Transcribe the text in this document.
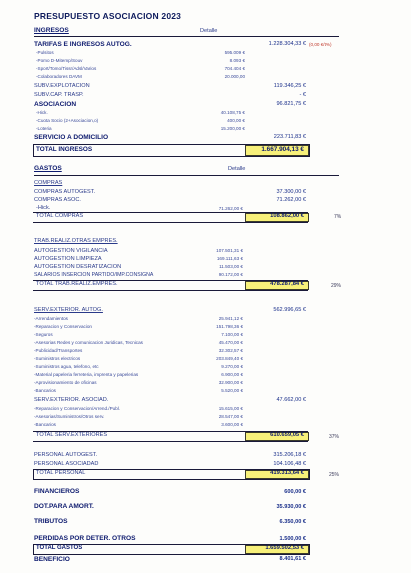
PRESUPUESTO ASOCIACION 2023
INGRESOS	Detalle
TARIFAS E INGRESOS AUTOG.	1.228.304,33 € (0,00 €/t%)
-Pulsitos	595.009 €
-Pomo D-Mitemp/Souv	8.093 €
-Sport/Tomo/Tissr/Adsl/Varios	704.404 €
-Colaboradores DAVM	20.000,00
SUBV.EXPLOTACION	119.346,25 €
SUBV.CAP. TRASP.	- €
ASOCIACION	96.821,75 €
-Hick.	40.108,75 €
-Cuota Socio (2+Asociacion,o)	400,00 €
-Loteria	15.200,00 €
SERVICIO A DOMICILIO	223.711,83 €
TOTAL INGRESOS	1.667.904,13 €
GASTOS	Detalle
COMPRAS
COMPRAS AUTOGEST.	37.300,00 €
COMPRAS ASOC.	71.262,00 €
-Hick.	71.262,00 €
TOTAL COMPRAS	108.862,00 €	7%
TRAB.REALIZ.OTRAS EMPRES.
AUTOGESTION VIGILANCIA	107.501,31 €
AUTOGESTION LIMPIEZA	169.111,63 €
AUTOGESTION DESRATIZACION	11.503,00 €
SALARIOS INSERCION PARTIDO/IMP.CONSIGNA	90.172,00 €
TOTAL TRAB.REALIZ.EMPRES.	478.287,84 €	29%
SERV.EXTERIOR. AUTOG.	562.996,65 €
-Arrendamientos	25.941,12 €
-Reparacion y Conservacion	151.798,36 €
-Seguros	7.100,00 €
-Asesorias Redes y comunicacion Juridicas, Tecnicas	45.470,00 €
-Publicidad/Transportes	32.302,57 €
-Suministros electricos	203.849,40 €
-Suministros agua, telefono, etc	9.270,00 €
-Material papeleria ferreteria, imprenta y papelerias	6.900,00 €
-Aprovisionamiento de oficinas	32.900,00 €
-Bancarios	5.520,00 €
SERV.EXTERIOR. ASOCIAD.	47.662,00 €
-Reparacion y Conservacion/Arrend./Publ.	15.615,00 €
-Asesorias/Suministros/Otros serv.	28.547,00 €
-Bancarios	3.600,00 €
TOTAL SERV.EXTERIORES	610.659,05 €	37%
PERSONAL AUTOGEST.	315.206,18 €
PERSONAL ASOCIADAD	104.106,48 €
TOTAL PERSONAL	419.313,64 €	25%
FINANCIEROS	600,00 €
DOT.PARA AMORT.	35.930,00 €
TRIBUTOS	6.350,00 €
PERDIDAS POR DETER. OTROS	1.500,00 €
TOTAL GASTOS	1.659.502,53 €
BENEFICIO	8.401,61 €
